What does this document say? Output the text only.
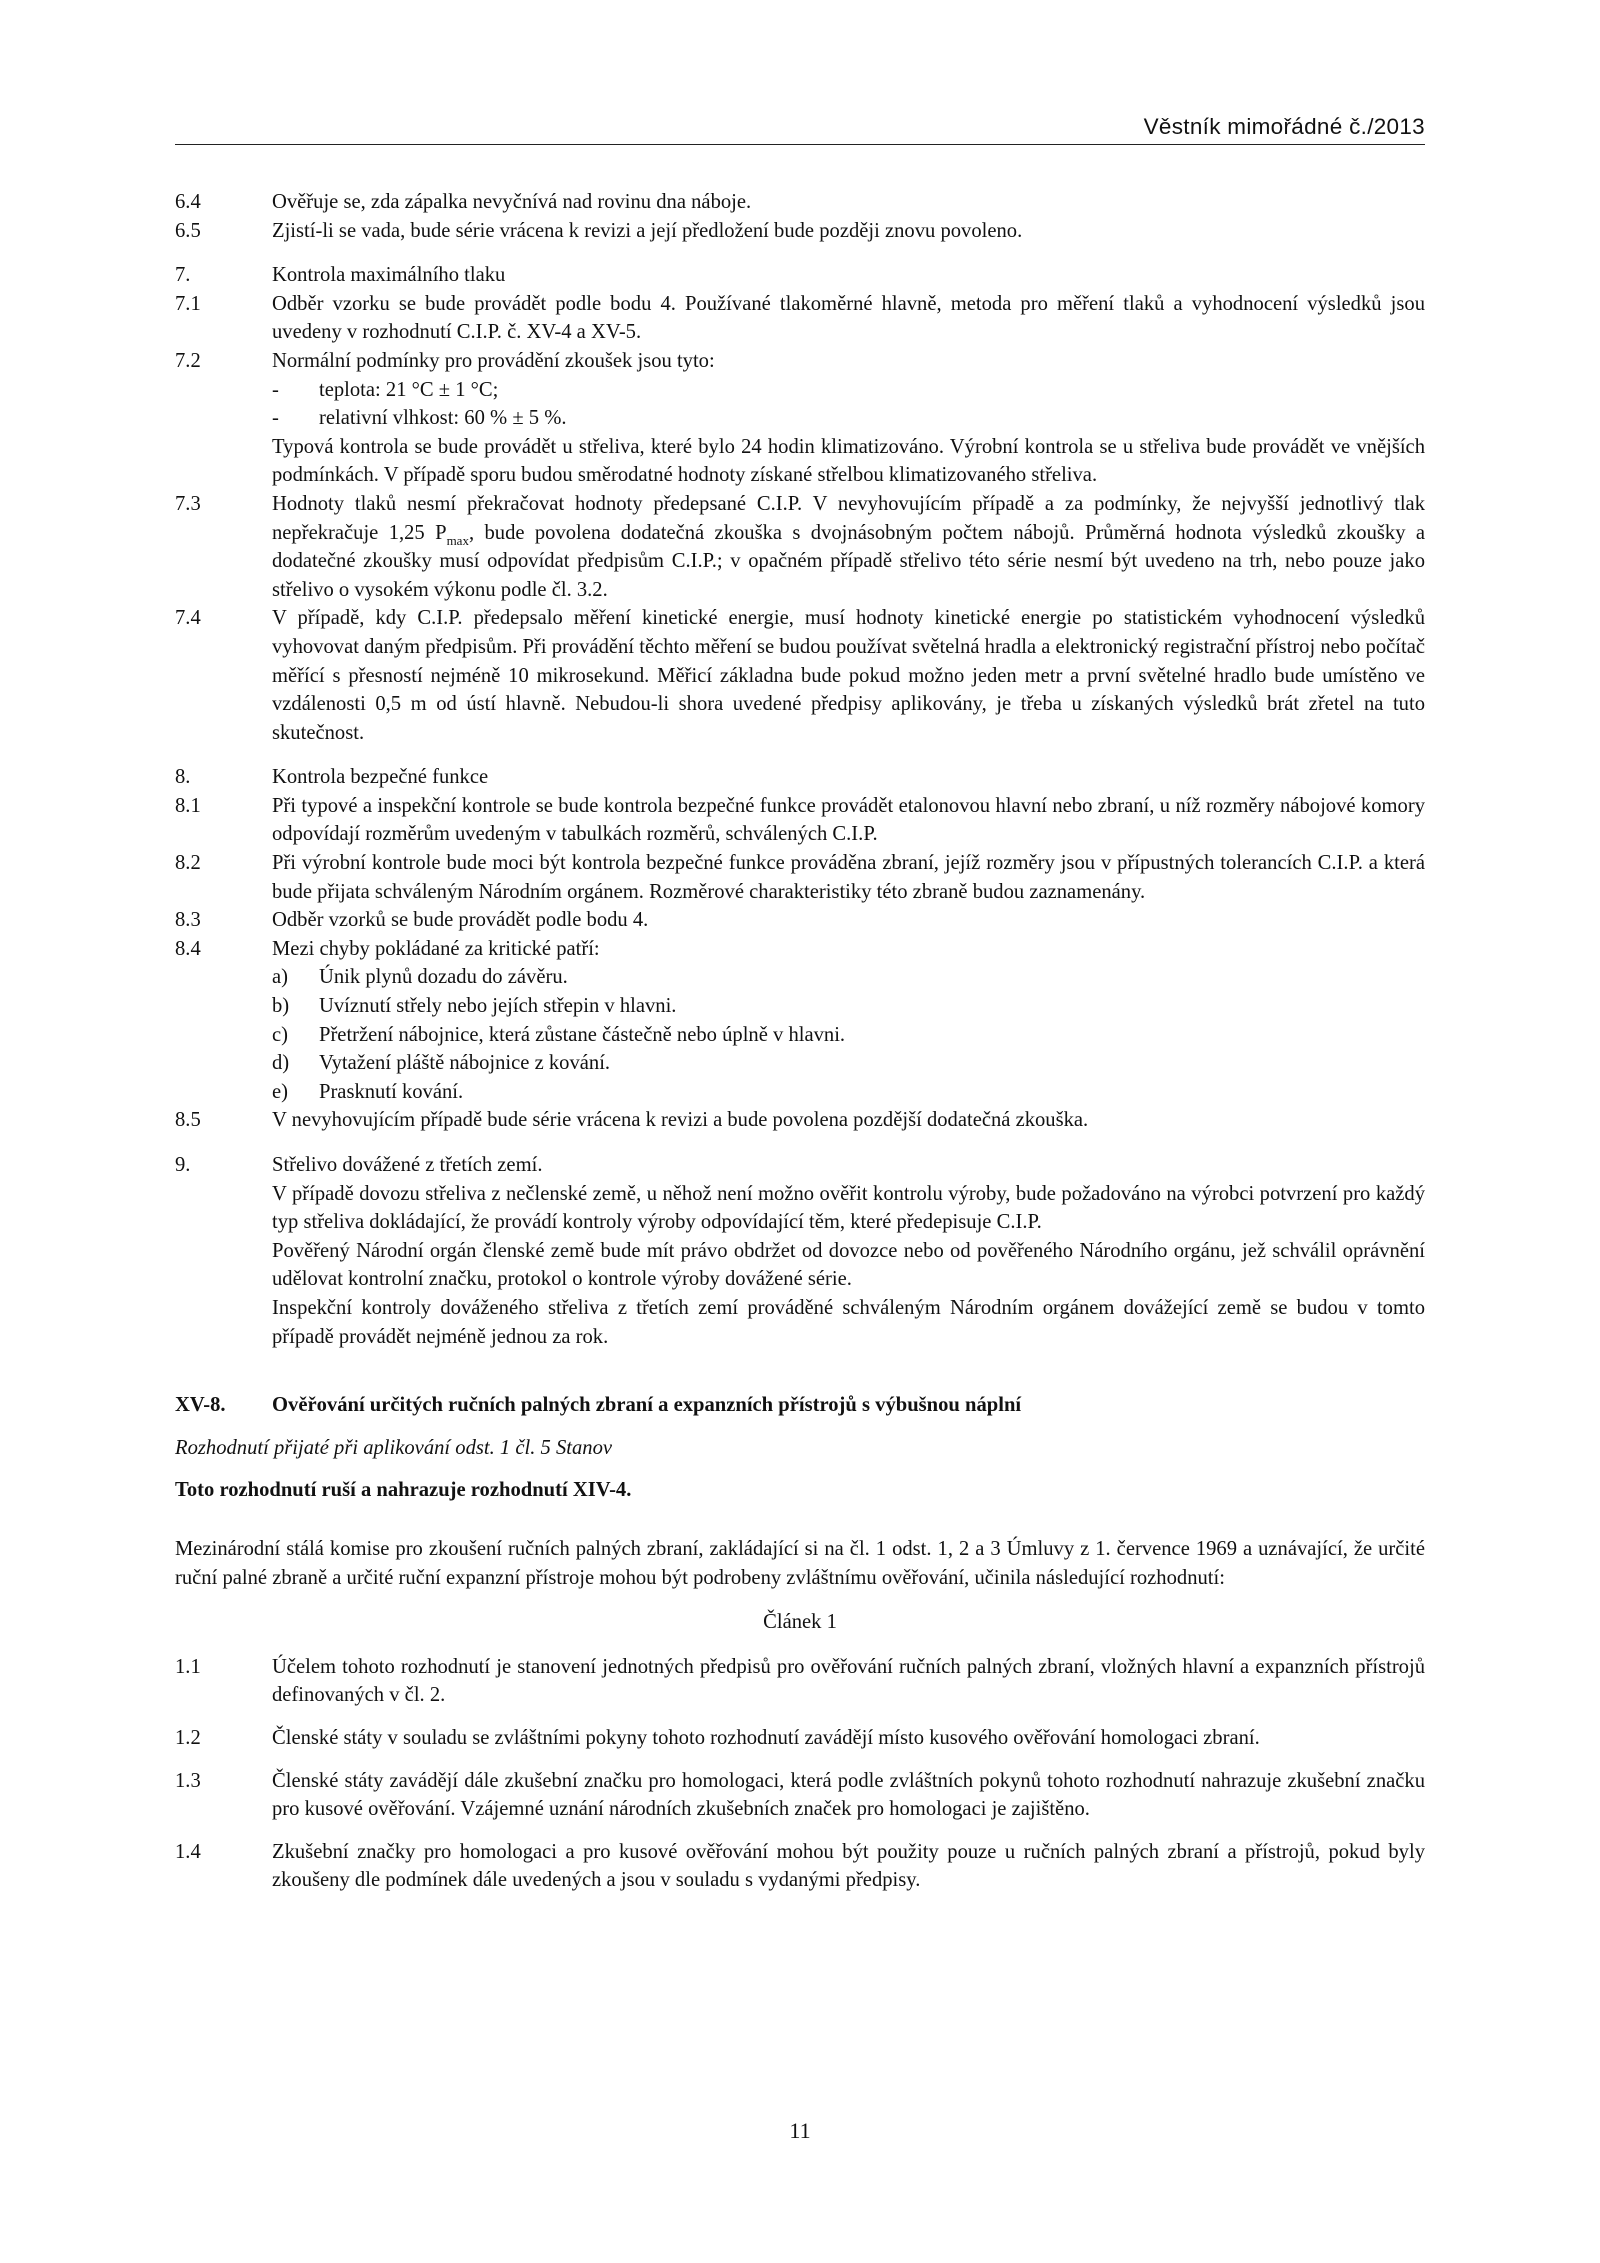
Věstník mimořádné č./2013
6.4	Ověřuje se, zda zápalka nevyčnívá nad rovinu dna náboje.
6.5	Zjistí-li se vada, bude série vrácena k revizi a její předložení bude později znovu povoleno.
7.	Kontrola maximálního tlaku
7.1	Odběr vzorku se bude provádět podle bodu 4. Používané tlakoměrné hlavně, metoda pro měření tlaků a vyhodnocení výsledků jsou uvedeny v rozhodnutí C.I.P. č. XV-4 a XV-5.
7.2	Normální podmínky pro provádění zkoušek jsou tyto:
-	teplota: 21 °C ± 1 °C;
-	relativní vlhkost: 60 % ± 5 %.
Typová kontrola se bude provádět u střeliva, které bylo 24 hodin klimatizováno. Výrobní kontrola se u střeliva bude provádět ve vnějších podmínkách. V případě sporu budou směrodatné hodnoty získané střelbou klimatizovaného střeliva.
7.3	Hodnoty tlaků nesmí překračovat hodnoty předepsané C.I.P. V nevyhovujícím případě a za podmínky, že nejvyšší jednotlivý tlak nepřekračuje 1,25 $P_{max}$, bude povolena dodatečná zkouška s dvojnásobným počtem nábojů. Průměrná hodnota výsledků zkoušky a dodatečné zkoušky musí odpovídat předpisům C.I.P.; v opačném případě střelivo této série nesmí být uvedeno na trh, nebo pouze jako střelivo o vysokém výkonu podle čl. 3.2.
7.4	V případě, kdy C.I.P. předepsalo měření kinetické energie, musí hodnoty kinetické energie po statistickém vyhodnocení výsledků vyhovovat daným předpisům. Při provádění těchto měření se budou používat světelná hradla a elektronický registrační přístroj nebo počítač měřící s přesností nejméně 10 mikrosekund. Měřicí základna bude pokud možno jeden metr a první světelné hradlo bude umístěno ve vzdálenosti 0,5 m od ústí hlavně. Nebudou-li shora uvedené předpisy aplikovány, je třeba u získaných výsledků brát zřetel na tuto skutečnost.
8.	Kontrola bezpečné funkce
8.1	Při typové a inspekční kontrole se bude kontrola bezpečné funkce provádět etalonovou hlavní nebo zbraní, u níž rozměry nábojové komory odpovídají rozměrům uvedeným v tabulkách rozměrů, schválených C.I.P.
8.2	Při výrobní kontrole bude moci být kontrola bezpečné funkce prováděna zbraní, jejíž rozměry jsou v přípustných tolerancích C.I.P. a která bude přijata schváleným Národním orgánem. Rozměrové charakteristiky této zbraně budou zaznamenány.
8.3	Odběr vzorků se bude provádět podle bodu 4.
8.4	Mezi chyby pokládané za kritické patří:
a)	Únik plynů dozadu do závěru.
b)	Uvíznutí střely nebo jejích střepin v hlavni.
c)	Přetržení nábojnice, která zůstane částečně nebo úplně v hlavni.
d)	Vytažení pláště nábojnice z kování.
e)	Prasknutí kování.
8.5	V nevyhovujícím případě bude série vrácena k revizi a bude povolena pozdější dodatečná zkouška.
9.	Střelivo dovážené z třetích zemí.
V případě dovozu střeliva z nečlenské země, u něhož není možno ověřit kontrolu výroby, bude požadováno na výrobci potvrzení pro každý typ střeliva dokládající, že provádí kontroly výroby odpovídající těm, které předepisuje C.I.P.
Pověřený Národní orgán členské země bude mít právo obdržet od dovozce nebo od pověřeného Národního orgánu, jež schválil oprávnění udělovat kontrolní značku, protokol o kontrole výroby dovážené série.
Inspekční kontroly dováženého střeliva z třetích zemí prováděné schváleným Národním orgánem dovážející země se budou v tomto případě provádět nejméně jednou za rok.
XV-8.	Ověřování určitých ručních palných zbraní a expanzních přístrojů s výbušnou náplní
Rozhodnutí přijaté při aplikování odst. 1 čl. 5 Stanov
Toto rozhodnutí ruší a nahrazuje rozhodnutí XIV-4.
Mezinárodní stálá komise pro zkoušení ručních palných zbraní, zakládající si na čl. 1 odst. 1, 2 a 3 Úmluvy z 1. července 1969 a uznávající, že určité ruční palné zbraně a určité ruční expanzní přístroje mohou být podrobeny zvláštnímu ověřování, učinila následující rozhodnutí:
Článek 1
1.1	Účelem tohoto rozhodnutí je stanovení jednotných předpisů pro ověřování ručních palných zbraní, vložných hlavní a expanzních přístrojů definovaných v čl. 2.
1.2	Členské státy v souladu se zvláštními pokyny tohoto rozhodnutí zavádějí místo kusového ověřování homologaci zbraní.
1.3	Členské státy zavádějí dále zkušební značku pro homologaci, která podle zvláštních pokynů tohoto rozhodnutí nahrazuje zkušební značku pro kusové ověřování. Vzájemné uznání národních zkušebních značek pro homologaci je zajištěno.
1.4	Zkušební značky pro homologaci a pro kusové ověřování mohou být použity pouze u ručních palných zbraní a přístrojů, pokud byly zkoušeny dle podmínek dále uvedených a jsou v souladu s vydanými předpisy.
11
